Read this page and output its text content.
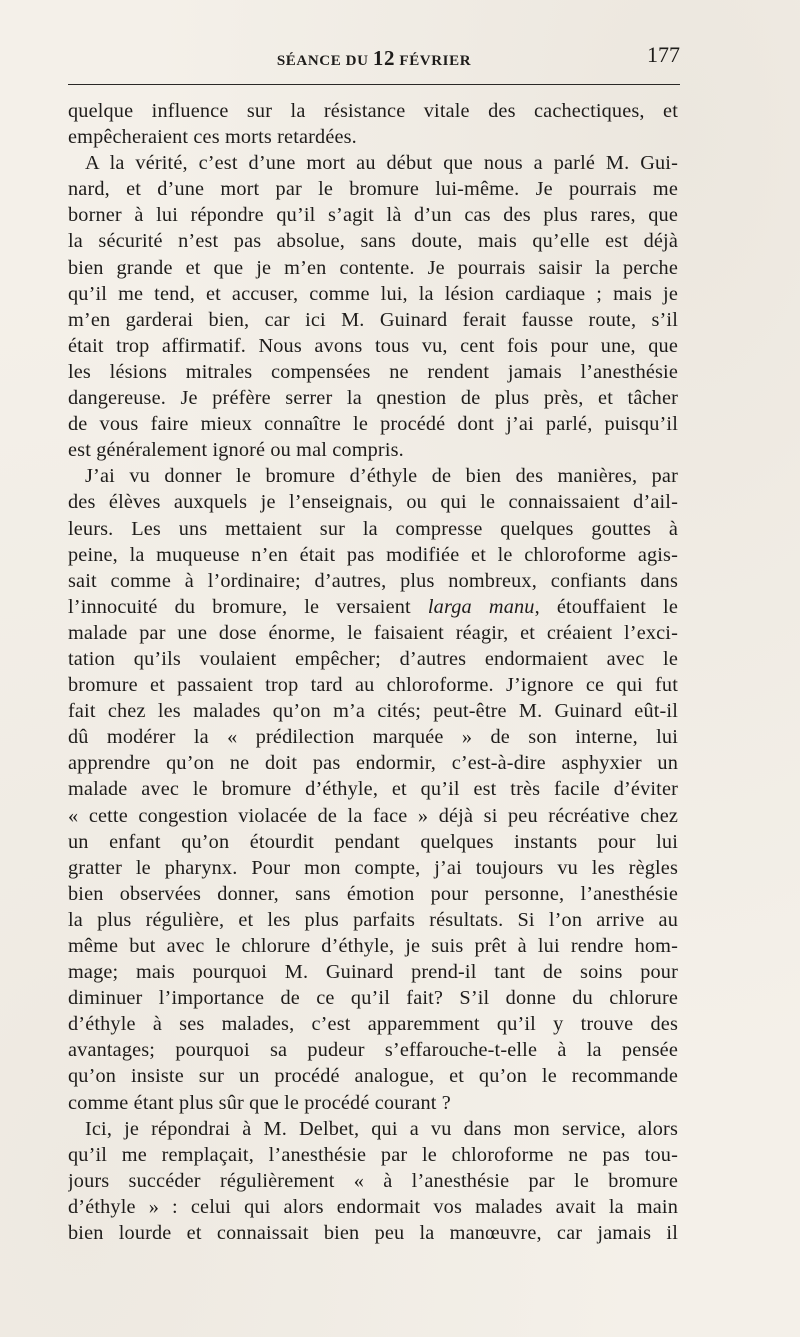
SÉANCE DU 12 FÉVRIER	177
quelque influence sur la résistance vitale des cachectiques, et
empêcheraient ces morts retardées.
A la vérité, c’est d’une mort au début que nous a parlé M. Gui-
nard, et d’une mort par le bromure lui-même. Je pourrais me
borner à lui répondre qu’il s’agit là d’un cas des plus rares, que
la sécurité n’est pas absolue, sans doute, mais qu’elle est déjà
bien grande et que je m’en contente. Je pourrais saisir la perche
qu’il me tend, et accuser, comme lui, la lésion cardiaque ; mais je
m’en garderai bien, car ici M. Guinard ferait fausse route, s’il
était trop affirmatif. Nous avons tous vu, cent fois pour une, que
les lésions mitrales compensées ne rendent jamais l’anesthésie
dangereuse. Je préfère serrer la qnestion de plus près, et tâcher
de vous faire mieux connaître le procédé dont j’ai parlé, puisqu’il
est généralement ignoré ou mal compris.
J’ai vu donner le bromure d’éthyle de bien des manières, par
des élèves auxquels je l’enseignais, ou qui le connaissaient d’ail-
leurs. Les uns mettaient sur la compresse quelques gouttes à
peine, la muqueuse n’en était pas modifiée et le chloroforme agis-
sait comme à l’ordinaire; d’autres, plus nombreux, confiants dans
l’innocuité du bromure, le versaient larga manu, étouffaient le
malade par une dose énorme, le faisaient réagir, et créaient l’exci-
tation qu’ils voulaient empêcher; d’autres endormaient avec le
bromure et passaient trop tard au chloroforme. J’ignore ce qui fut
fait chez les malades qu’on m’a cités; peut-être M. Guinard eût-il
dû modérer la « prédilection marquée » de son interne, lui
apprendre qu’on ne doit pas endormir, c’est-à-dire asphyxier un
malade avec le bromure d’éthyle, et qu’il est très facile d’éviter
« cette congestion violacée de la face » déjà si peu récréative chez
un enfant qu’on étourdit pendant quelques instants pour lui
gratter le pharynx. Pour mon compte, j’ai toujours vu les règles
bien observées donner, sans émotion pour personne, l’anesthésie
la plus régulière, et les plus parfaits résultats. Si l’on arrive au
même but avec le chlorure d’éthyle, je suis prêt à lui rendre hom-
mage; mais pourquoi M. Guinard prend-il tant de soins pour
diminuer l’importance de ce qu’il fait? S’il donne du chlorure
d’éthyle à ses malades, c’est apparemment qu’il y trouve des
avantages; pourquoi sa pudeur s’effarouche-t-elle à la pensée
qu’on insiste sur un procédé analogue, et qu’on le recommande
comme étant plus sûr que le procédé courant ?
Ici, je répondrai à M. Delbet, qui a vu dans mon service, alors
qu’il me remplaçait, l’anesthésie par le chloroforme ne pas tou-
jours succéder régulièrement « à l’anesthésie par le bromure
d’éthyle » : celui qui alors endormait vos malades avait la main
bien lourde et connaissait bien peu la manœuvre, car jamais il
